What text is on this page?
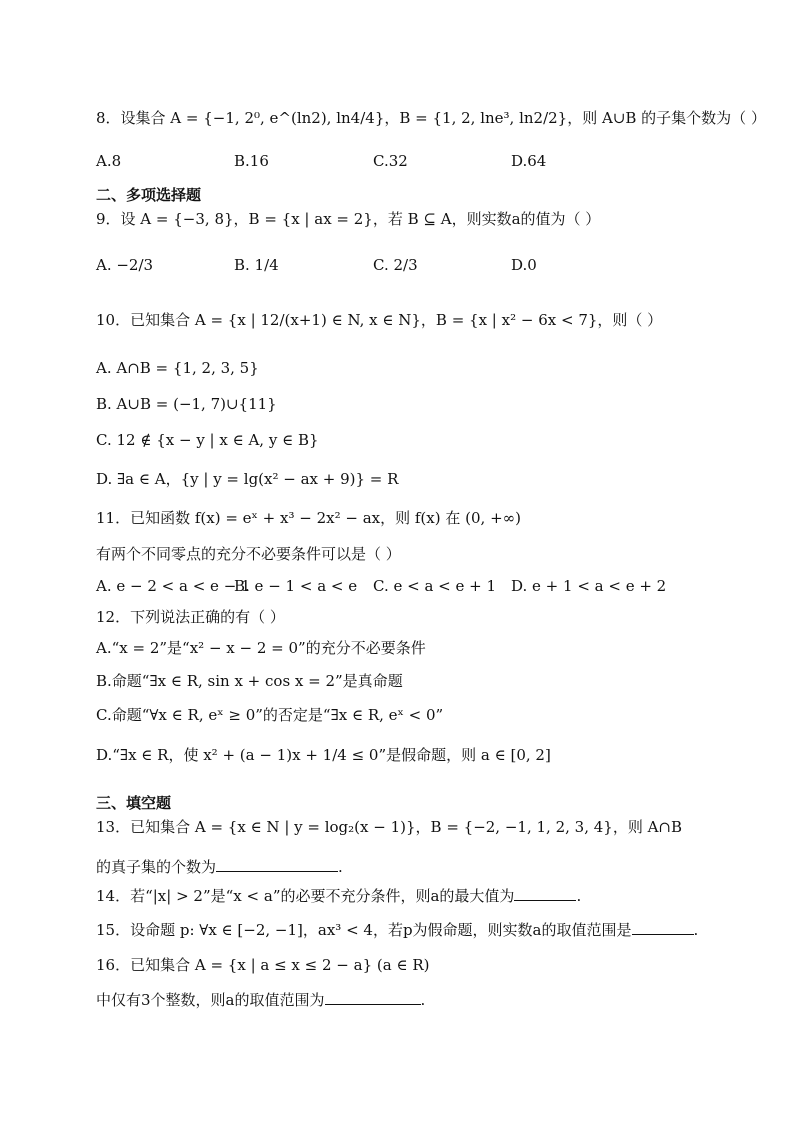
8．设集合 A = {−1, 2⁰, e^(ln2), ln4/4}，B = {1, 2, lne³, ln2/2}，则 A∪B 的子集个数为（ ）
A.8	B.16	C.32	D.64
二、多项选择题
9．设 A = {−3, 8}，B = {x | ax = 2}，若 B ⊆ A，则实数a的值为（ ）
A. −2/3	B. 1/4	C. 2/3	D.0
10．已知集合 A = {x | 12/(x+1) ∈ N, x ∈ N}，B = {x | x² − 6x < 7}，则（ ）
A. A∩B = {1, 2, 3, 5}
B. A∪B = (−1, 7)∪{11}
C. 12 ∉ {x − y | x ∈ A, y ∈ B}
D. ∃a ∈ A，{y | y = lg(x² − ax + 9)} = R
11．已知函数 f(x) = eˣ + x³ − 2x² − ax，则 f(x) 在 (0, +∞)
有两个不同零点的充分不必要条件可以是（ ）
A. e − 2 < a < e − 1
B. e − 1 < a < e C. e < a < e + 1 D. e + 1 < a < e + 2
12．下列说法正确的有（ ）
A.“x = 2”是“x² − x − 2 = 0”的充分不必要条件
B.命题“∃x ∈ R, sin x + cos x = 2”是真命题
C.命题“∀x ∈ R, eˣ ≥ 0”的否定是“∃x ∈ R, eˣ < 0”
D.“∃x ∈ R，使 x² + (a − 1)x + 1/4 ≤ 0”是假命题，则 a ∈ [0, 2]
三、填空题
13．已知集合 A = {x ∈ N | y = log₂(x − 1)}，B = {−2, −1, 1, 2, 3, 4}，则 A∩B
的真子集的个数为	.
14．若“|x| > 2”是“x < a”的必要不充分条件，则a的最大值为	.
15．设命题 p: ∀x ∈ [−2, −1]，ax³ < 4，若p为假命题，则实数a的取值范围是	.
16．已知集合 A = {x | a ≤ x ≤ 2 − a} (a ∈ R)
中仅有3个整数，则a的取值范围为	.
